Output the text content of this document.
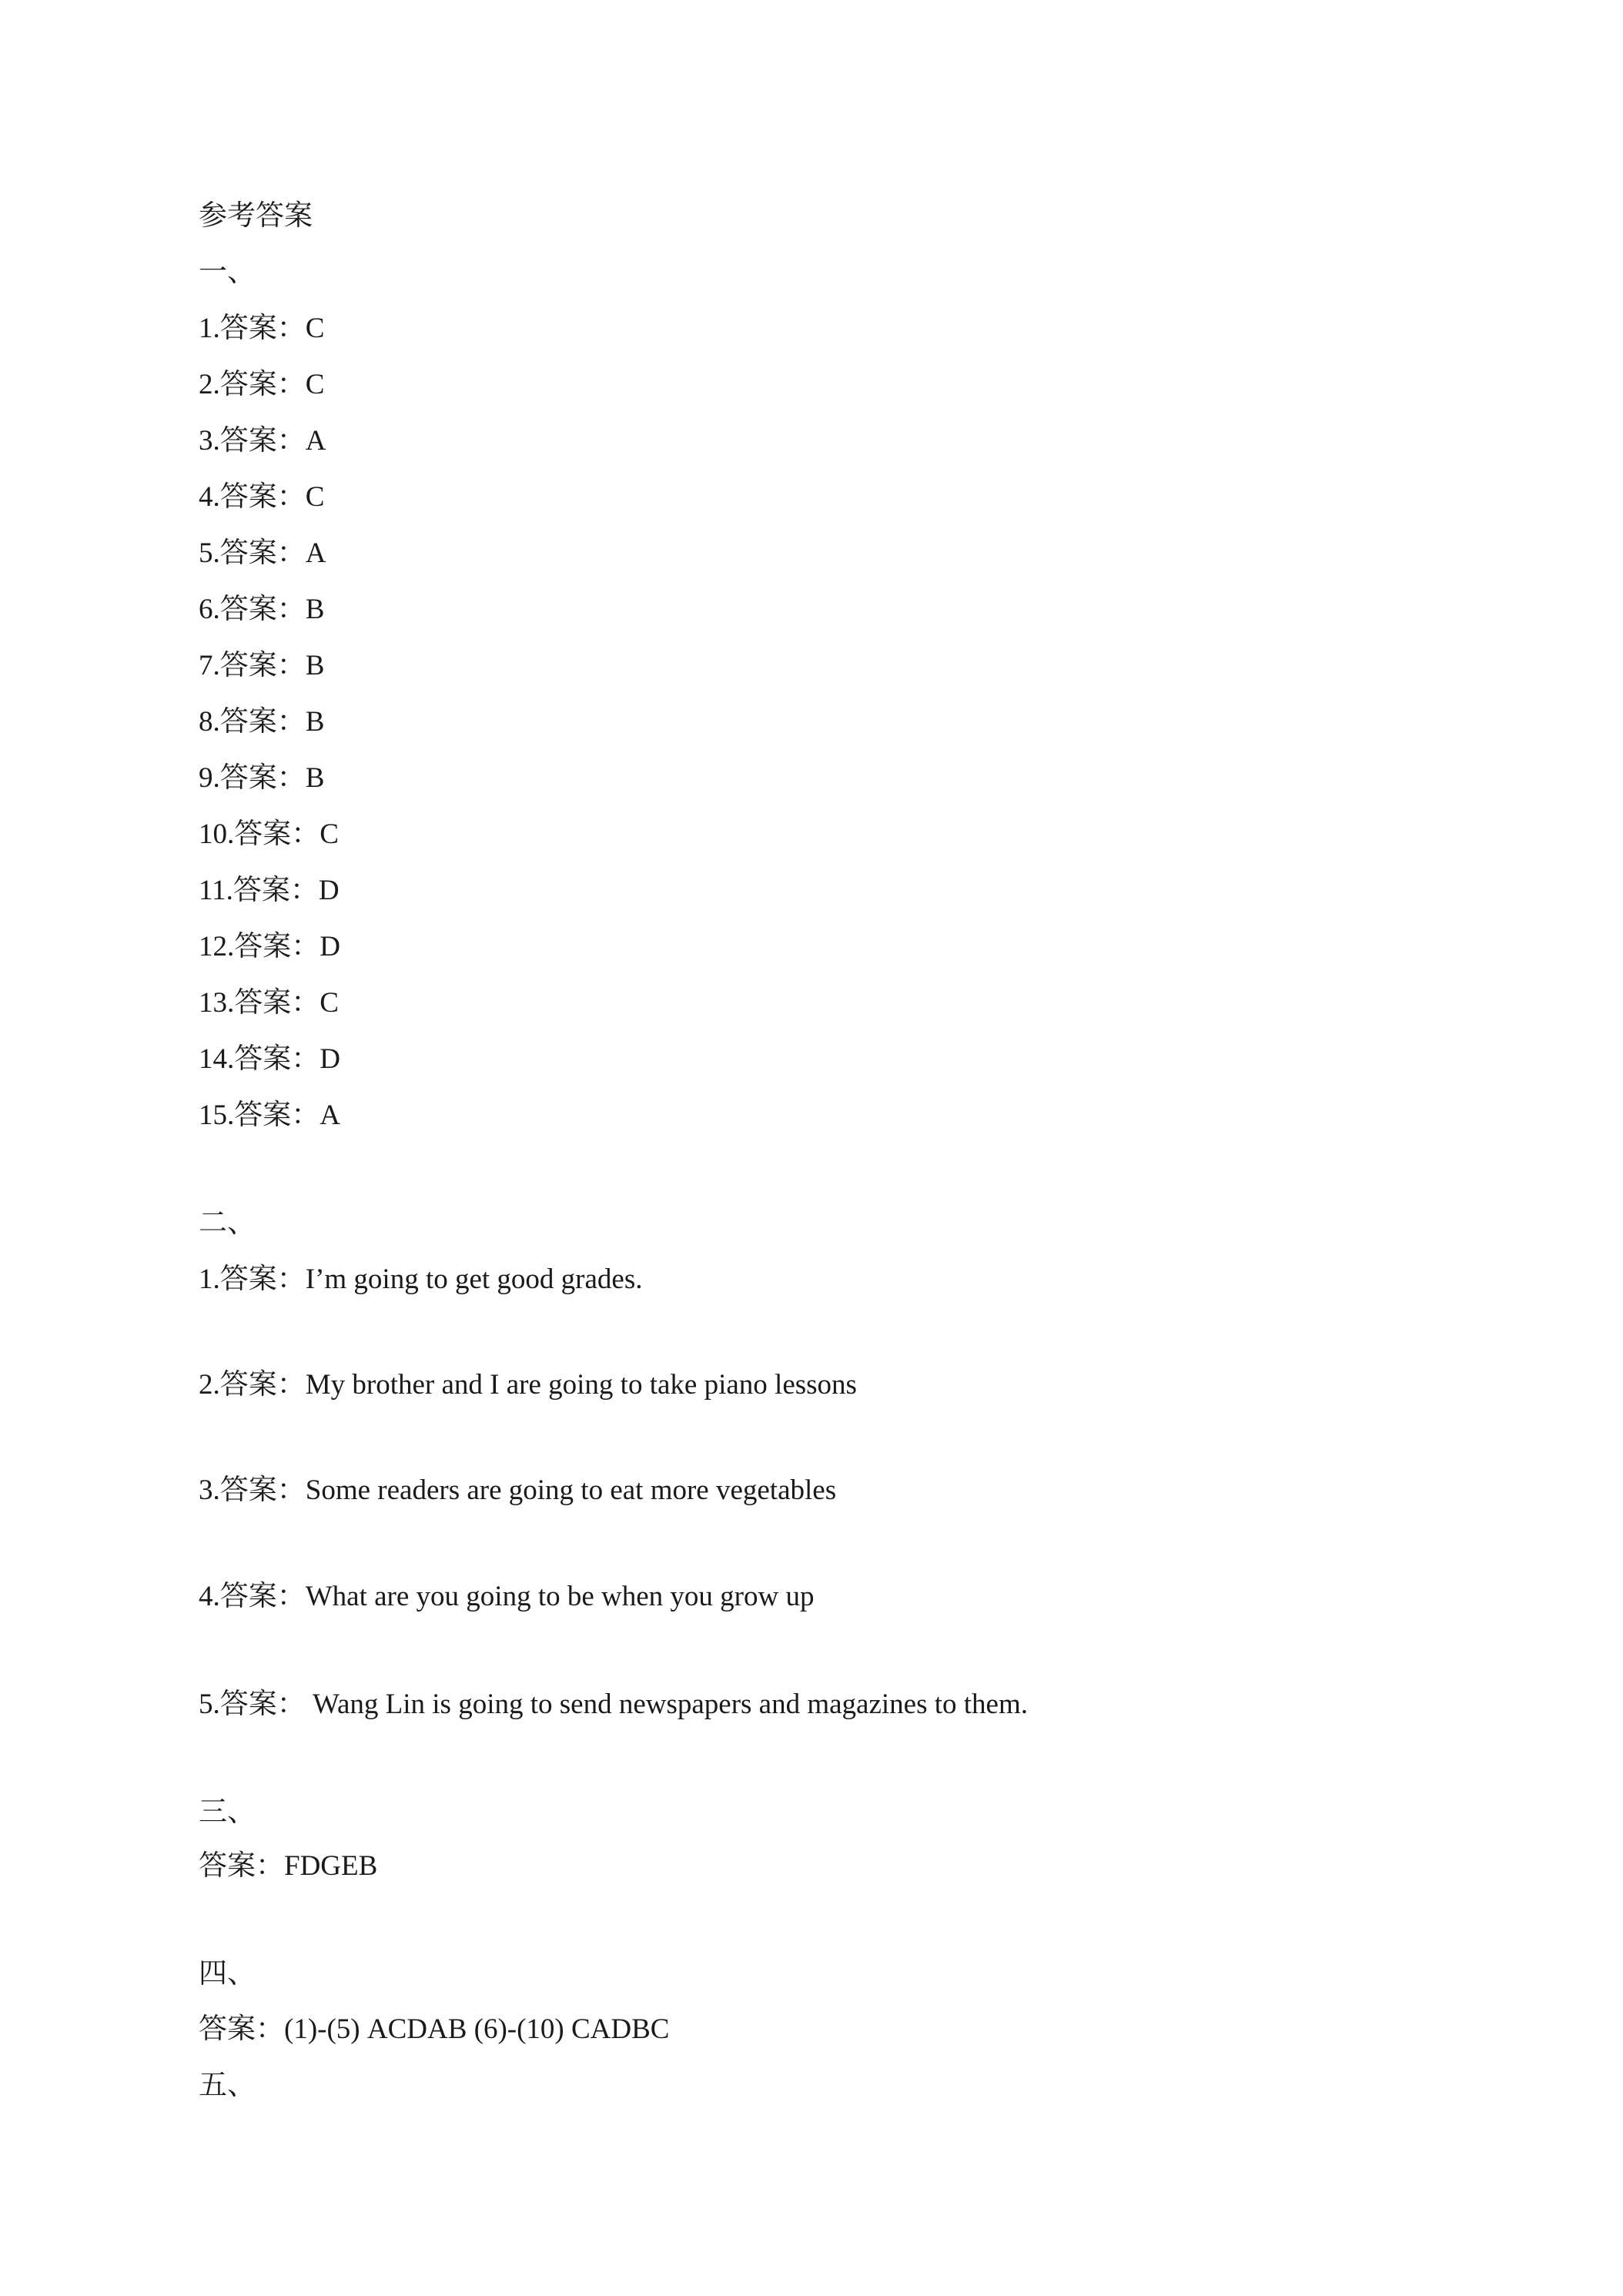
参考答案
一、
1.答案：C
2.答案：C
3.答案：A
4.答案：C
5.答案：A
6.答案：B
7.答案：B
8.答案：B
9.答案：B
10.答案：C
11.答案：D
12.答案：D
13.答案：C
14.答案：D
15.答案：A
二、
1.答案：I’m going to get good grades.
2.答案：My brother and I are going to take piano lessons
3.答案：Some readers are going to eat more vegetables
4.答案：What are you going to be when you grow up
5.答案： Wang Lin is going to send newspapers and magazines to them.
三、
答案：FDGEB
四、
答案：(1)-(5) ACDAB (6)-(10) CADBC
五、
